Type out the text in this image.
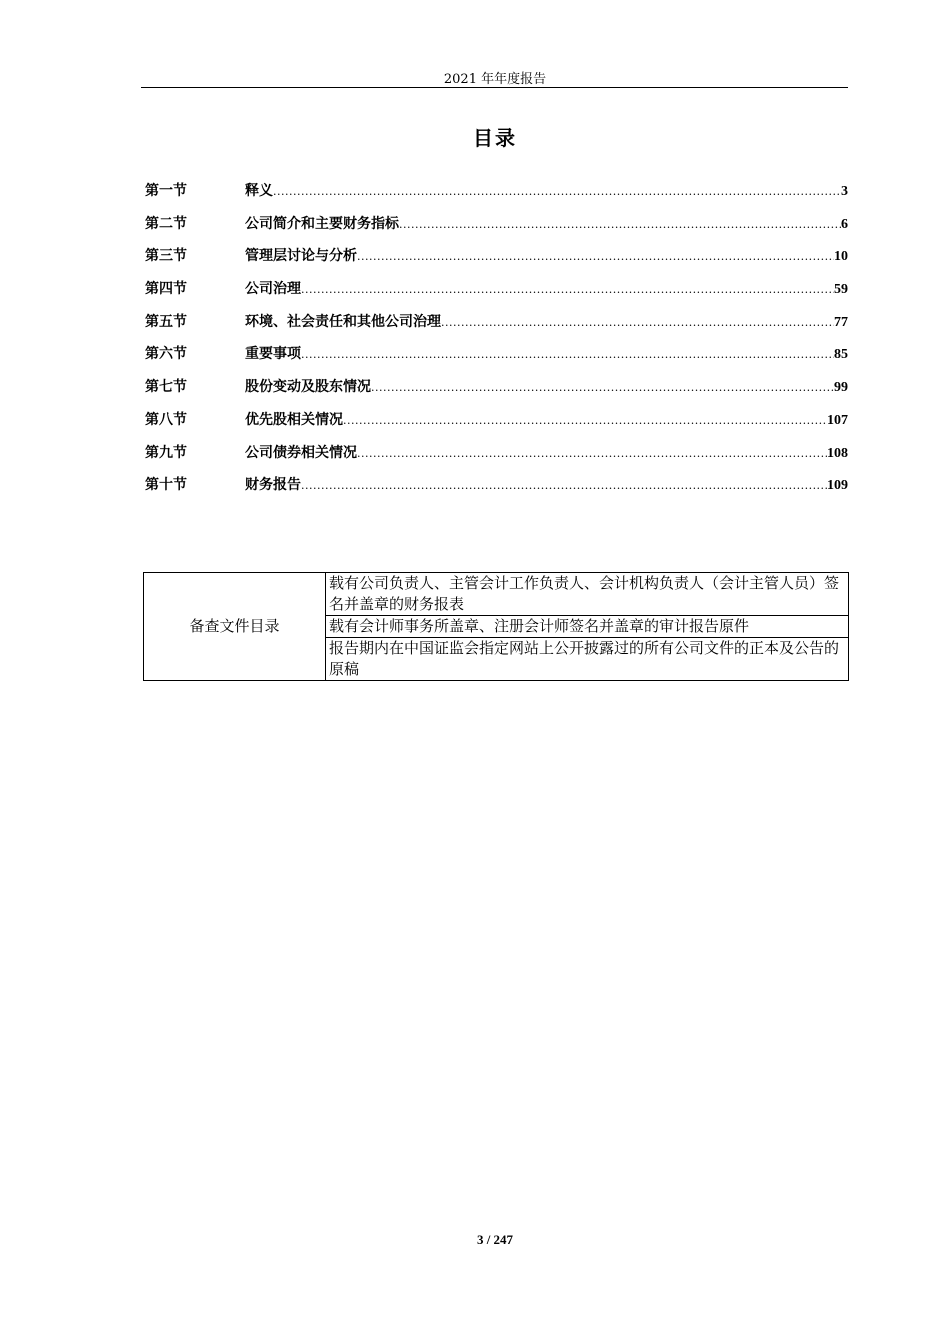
2021 年年度报告
目录
第一节	释义 .....	3
第二节	公司简介和主要财务指标 .....	6
第三节	管理层讨论与分析 .....	10
第四节	公司治理 .....	59
第五节	环境、社会责任和其他公司治理 .....	77
第六节	重要事项 .....	85
第七节	股份变动及股东情况 .....	99
第八节	优先股相关情况 .....	107
第九节	公司债券相关情况 .....	108
第十节	财务报告 .....	109
备查文件目录	载有公司负责人、主管会计工作负责人、会计机构负责人（会计主管人员）签名并盖章的财务报表
载有会计师事务所盖章、注册会计师签名并盖章的审计报告原件
报告期内在中国证监会指定网站上公开披露过的所有公司文件的正本及公告的原稿
3 / 247
